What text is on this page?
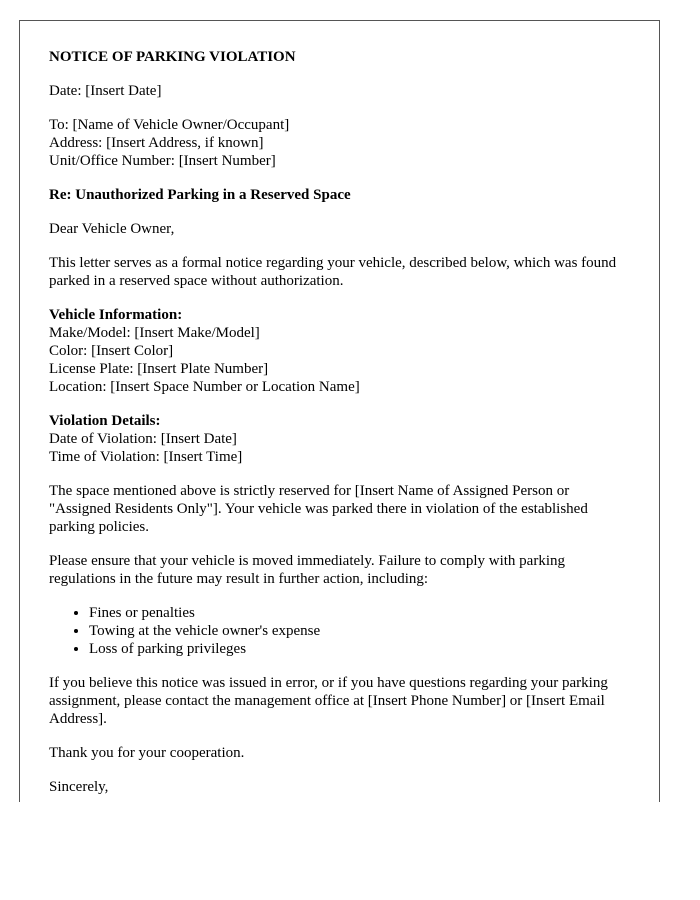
NOTICE OF PARKING VIOLATION

Date: [Insert Date]

To: [Name of Vehicle Owner/Occupant]
Address: [Insert Address, if known]
Unit/Office Number: [Insert Number]

Re: Unauthorized Parking in a Reserved Space

Dear Vehicle Owner,

This letter serves as a formal notice regarding your vehicle, described below, which was found parked in a reserved space without authorization.

Vehicle Information:
Make/Model: [Insert Make/Model]
Color: [Insert Color]
License Plate: [Insert Plate Number]
Location: [Insert Space Number or Location Name]

Violation Details:
Date of Violation: [Insert Date]
Time of Violation: [Insert Time]

The space mentioned above is strictly reserved for [Insert Name of Assigned Person or "Assigned Residents Only"]. Your vehicle was parked there in violation of the established parking policies.

Please ensure that your vehicle is moved immediately. Failure to comply with parking regulations in the future may result in further action, including:

• Fines or penalties
• Towing at the vehicle owner's expense
• Loss of parking privileges

If you believe this notice was issued in error, or if you have questions regarding your parking assignment, please contact the management office at [Insert Phone Number] or [Insert Email Address].

Thank you for your cooperation.

Sincerely,
